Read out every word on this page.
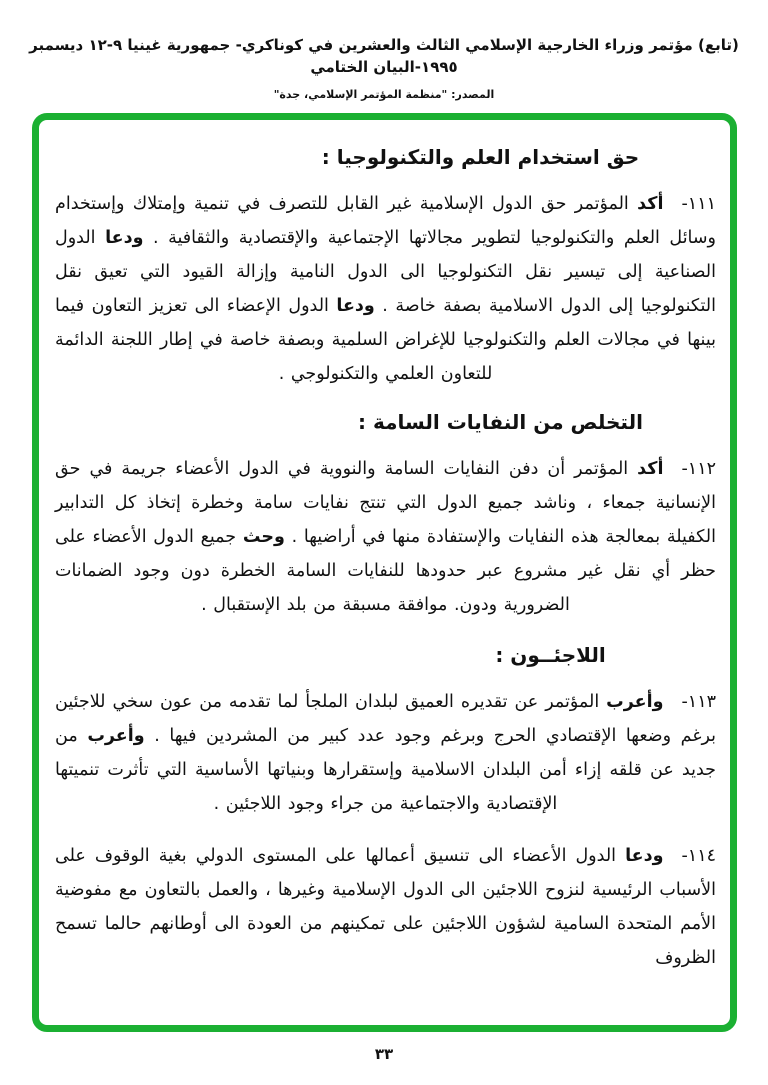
(تابع) مؤتمر وزراء الخارجية الإسلامي الثالث والعشرين في كوناكري- جمهورية غينيا ٩-١٢ ديسمبر ١٩٩٥-البيان الختامي
المصدر: "منظمة المؤتمر الإسلامي، جدة"
حق استخدام العلم والتكنولوجيا :

١١١-أكد المؤتمر حق الدول الإسلامية غير القابل للتصرف في تنمية وإمتلاك وإستخدام وسائل العلم والتكنولوجيا لتطوير مجالاتها الإجتماعية والإقتصادية والثقافية . ودعا الدول الصناعية إلى تيسير نقل التكنولوجيا الى الدول النامية وإزالة القيود التي تعيق نقل التكنولوجيا إلى الدول الاسلامية بصفة خاصة . ودعا الدول الإعضاء الى تعزيز التعاون فيما بينها في مجالات العلم والتكنولوجيا للإغراض السلمية وبصفة خاصة في إطار اللجنة الدائمة للتعاون العلمي والتكنولوجي .

التخلص من النفايات السامة :

١١٢-أكد المؤتمر أن دفن النفايات السامة والنووية في الدول الأعضاء جريمة في حق الإنسانية جمعاء ، وناشد جميع الدول التي تنتج نفايات سامة وخطرة إتخاذ كل التدابير الكفيلة بمعالجة هذه النفايات والإستفادة منها في أراضيها . وحث جميع الدول الأعضاء على حظر أي نقل غير مشروع عبر حدودها للنفايات السامة الخطرة دون وجود الضمانات الضرورية ودون. موافقة مسبقة من بلد الإستقبال .

اللاجئــون :

١١٣-وأعرب المؤتمر عن تقديره العميق لبلدان الملجأ لما تقدمه من عون سخي للاجئين برغم وضعها الإقتصادي الحرج وبرغم وجود عدد كبير من المشردين فيها . وأعرب من جديد عن قلقه إزاء أمن البلدان الاسلامية وإستقرارها وبنياتها الأساسية التي تأثرت تنميتها الإقتصادية والاجتماعية من جراء وجود اللاجئين .

١١٤-ودعا الدول الأعضاء الى تنسيق أعمالها على المستوى الدولي بغية الوقوف على الأسباب الرئيسية لنزوح اللاجئين الى الدول الإسلامية وغيرها ، والعمل بالتعاون مع مفوضية الأمم المتحدة السامية لشؤون اللاجئين على تمكينهم من العودة الى أوطانهم حالما تسمح الظروف

٣٣
